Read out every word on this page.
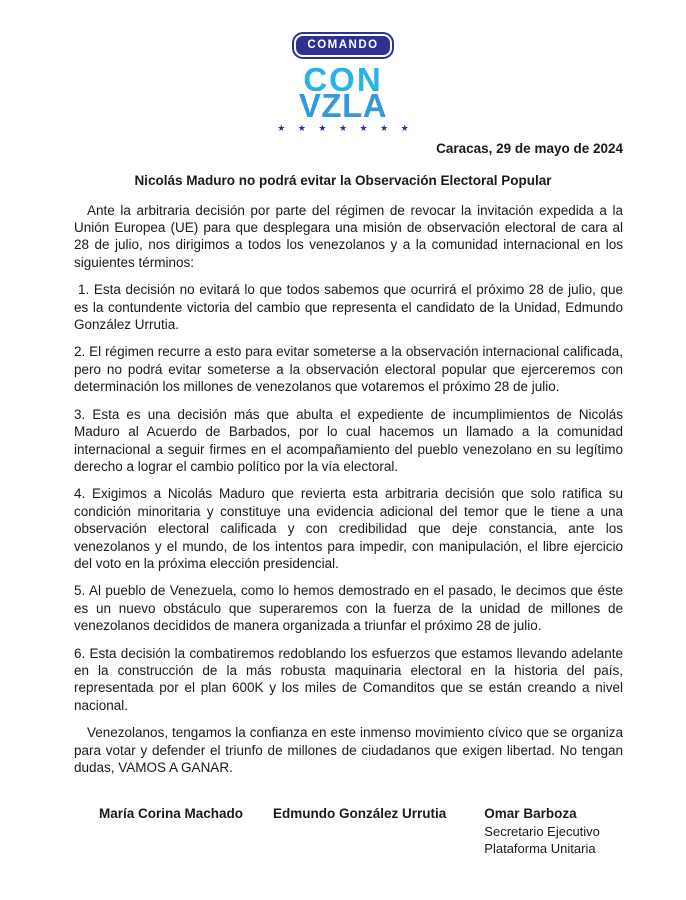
COMANDO
CON
VZLA
★ ★ ★ ★ ★ ★ ★
Caracas, 29 de mayo de 2024
Nicolás Maduro no podrá evitar la Observación Electoral Popular

Ante la arbitraria decisión por parte del régimen de revocar la invitación expedida a la Unión Europea (UE) para que desplegara una misión de observación electoral de cara al 28 de julio, nos dirigimos a todos los venezolanos y a la comunidad internacional en los siguientes términos:

1. Esta decisión no evitará lo que todos sabemos que ocurrirá el próximo 28 de julio, que es la contundente victoria del cambio que representa el candidato de la Unidad, Edmundo González Urrutia.

2. El régimen recurre a esto para evitar someterse a la observación internacional calificada, pero no podrá evitar someterse a la observación electoral popular que ejerceremos con determinación los millones de venezolanos que votaremos el próximo 28 de julio.

3. Esta es una decisión más que abulta el expediente de incumplimientos de Nicolás Maduro al Acuerdo de Barbados, por lo cual hacemos un llamado a la comunidad internacional a seguir firmes en el acompañamiento del pueblo venezolano en su legítimo derecho a lograr el cambio político por la vía electoral.

4. Exigimos a Nicolás Maduro que revierta esta arbitraria decisión que solo ratifica su condición minoritaria y constituye una evidencia adicional del temor que le tiene a una observación electoral calificada y con credibilidad que deje constancia, ante los venezolanos y el mundo, de los intentos para impedir, con manipulación, el libre ejercicio del voto en la próxima elección presidencial.

5. Al pueblo de Venezuela, como lo hemos demostrado en el pasado, le decimos que éste es un nuevo obstáculo que superaremos con la fuerza de la unidad de millones de venezolanos decididos de manera organizada a triunfar el próximo 28 de julio.

6. Esta decisión la combatiremos redoblando los esfuerzos que estamos llevando adelante en la construcción de la más robusta maquinaria electoral en la historia del país, representada por el plan 600K y los miles de Comanditos que se están creando a nivel nacional.

Venezolanos, tengamos la confianza en este inmenso movimiento cívico que se organiza para votar y defender el triunfo de millones de ciudadanos que exigen libertad. No tengan dudas, VAMOS A GANAR.

María Corina Machado Edmundo González Urrutia	Omar Barboza
Secretario Ejecutivo
Plataforma Unitaria
